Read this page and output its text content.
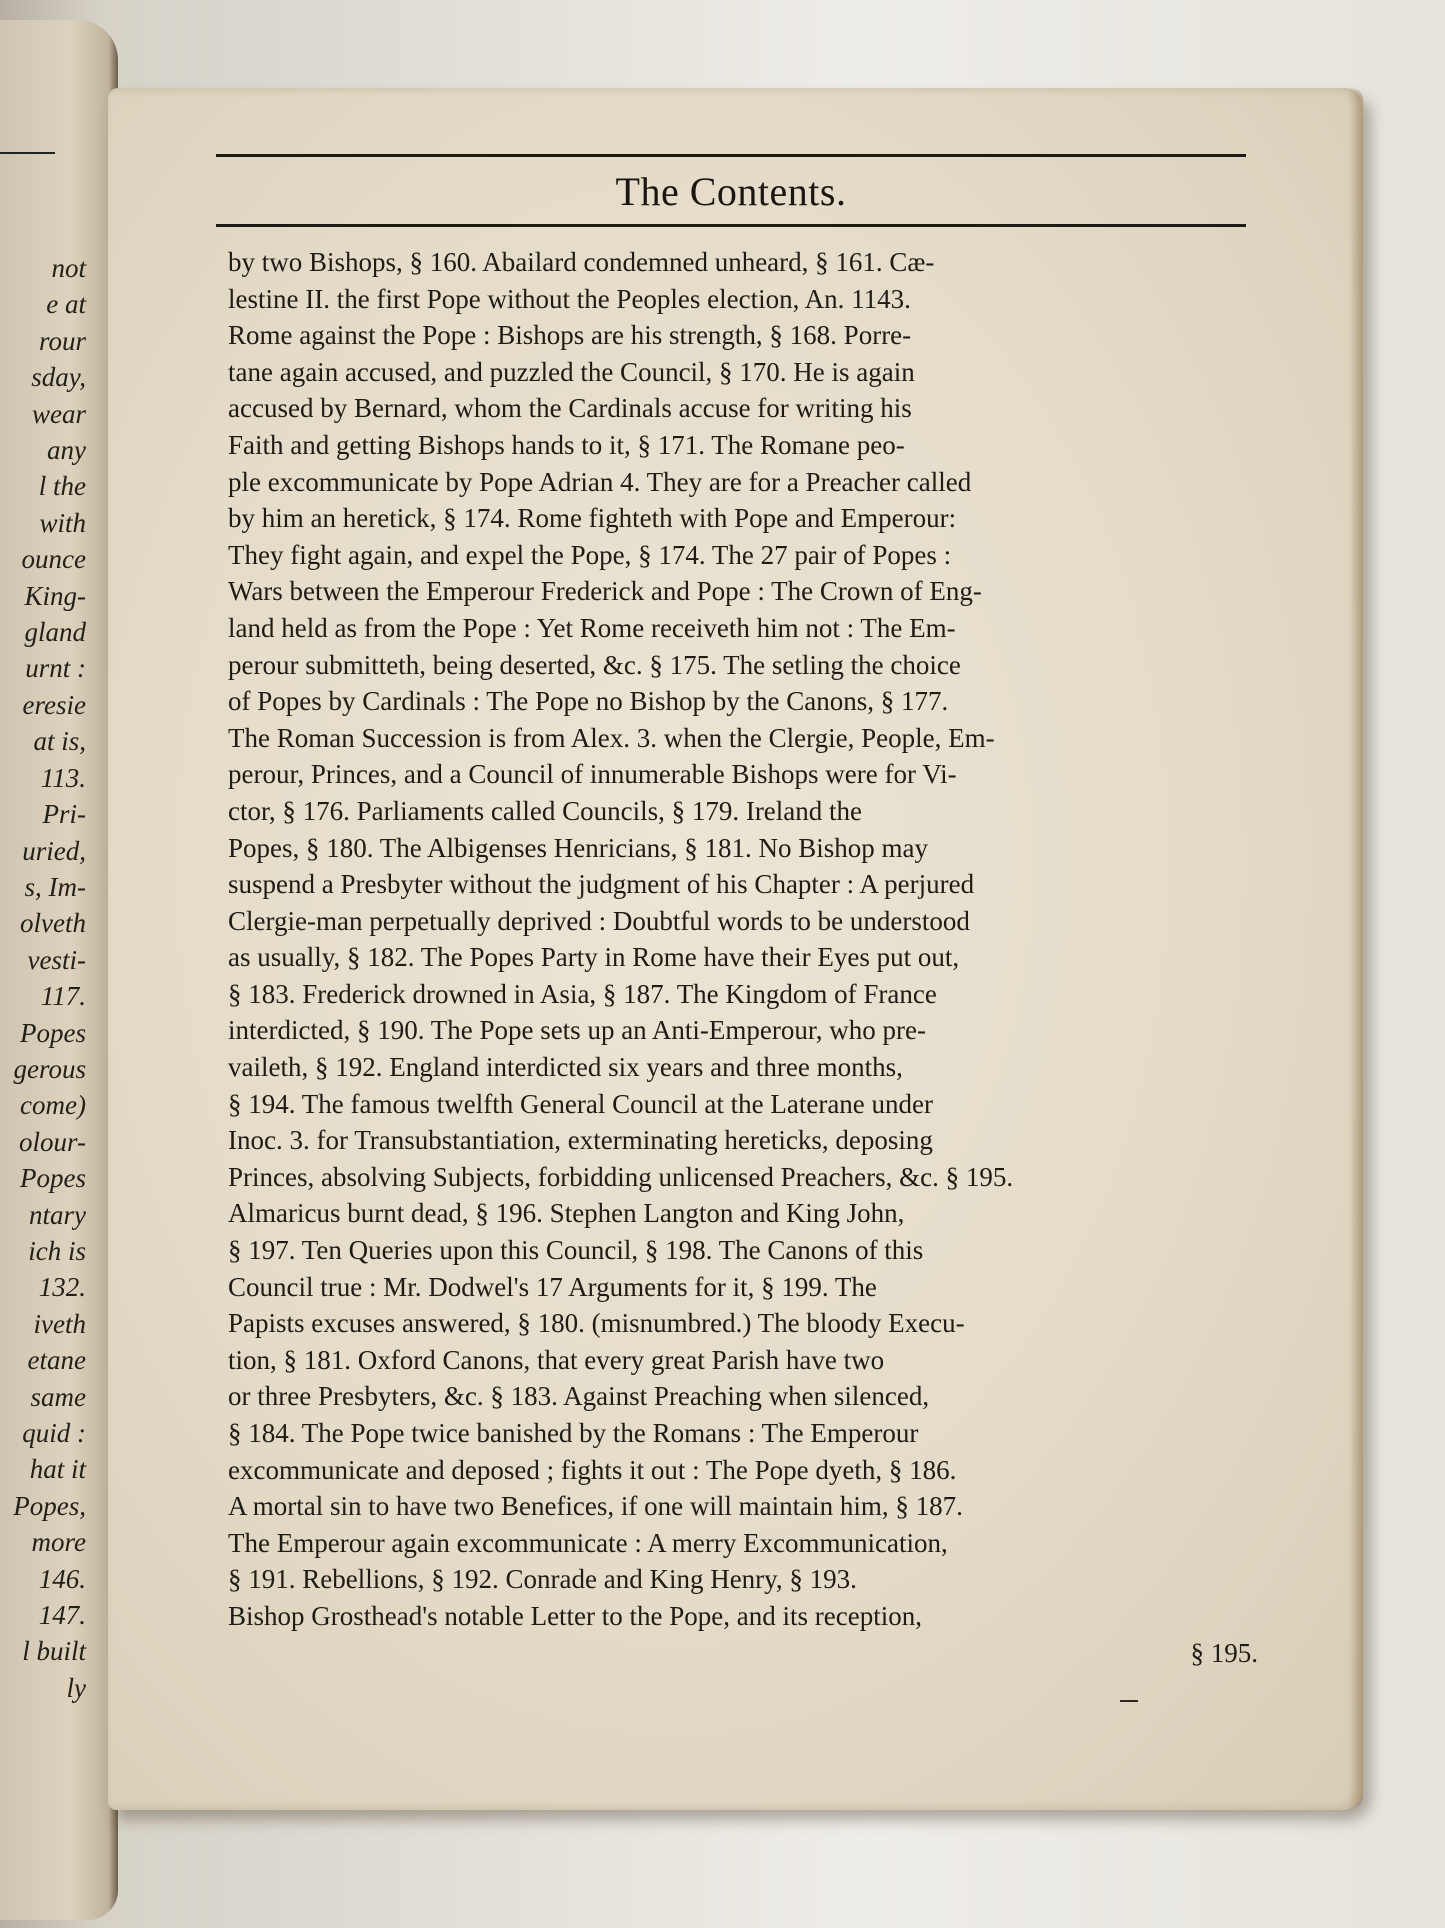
not
e at
rour
sday,
wear
any
l the
with
ounce
King-
gland
urnt :
eresie
at is,
113.
Pri-
uried,
s, Im-
olveth
vesti-
117.
Popes
gerous
come)
olour-
Popes
ntary
ich is
132.
iveth
etane
same
quid :
hat it
Popes,
more
146.
147.
l built
ly
The Contents.
by two Bishops, § 160. Abailard condemned unheard, § 161. Cæ-
lestine II. the first Pope without the Peoples election, An. 1143.
Rome against the Pope : Bishops are his strength, § 168. Porre-
tane again accused, and puzzled the Council, § 170. He is again
accused by Bernard, whom the Cardinals accuse for writing his
Faith and getting Bishops hands to it, § 171. The Romane peo-
ple excommunicate by Pope Adrian 4. They are for a Preacher called
by him an heretick, § 174. Rome fighteth with Pope and Emperour:
They fight again, and expel the Pope, § 174. The 27 pair of Popes :
Wars between the Emperour Frederick and Pope : The Crown of Eng-
land held as from the Pope : Yet Rome receiveth him not : The Em-
perour submitteth, being deserted, &c. § 175. The setling the choice
of Popes by Cardinals : The Pope no Bishop by the Canons, § 177.
The Roman Succession is from Alex. 3. when the Clergie, People, Em-
perour, Princes, and a Council of innumerable Bishops were for Vi-
ctor, § 176. Parliaments called Councils, § 179. Ireland the
Popes, § 180. The Albigenses Henricians, § 181. No Bishop may
suspend a Presbyter without the judgment of his Chapter : A perjured
Clergie-man perpetually deprived : Doubtful words to be understood
as usually, § 182. The Popes Party in Rome have their Eyes put out,
§ 183. Frederick drowned in Asia, § 187. The Kingdom of France
interdicted, § 190. The Pope sets up an Anti-Emperour, who pre-
vaileth, § 192. England interdicted six years and three months,
§ 194. The famous twelfth General Council at the Laterane under
Inoc. 3. for Transubstantiation, exterminating hereticks, deposing
Princes, absolving Subjects, forbidding unlicensed Preachers, &c. § 195.
Almaricus burnt dead, § 196. Stephen Langton and King John,
§ 197. Ten Queries upon this Council, § 198. The Canons of this
Council true : Mr. Dodwel's 17 Arguments for it, § 199. The
Papists excuses answered, § 180. (misnumbred.) The bloody Execu-
tion, § 181. Oxford Canons, that every great Parish have two
or three Presbyters, &c. § 183. Against Preaching when silenced,
§ 184. The Pope twice banished by the Romans : The Emperour
excommunicate and deposed ; fights it out : The Pope dyeth, § 186.
A mortal sin to have two Benefices, if one will maintain him, § 187.
The Emperour again excommunicate : A merry Excommunication,
§ 191. Rebellions, § 192. Conrade and King Henry, § 193.
Bishop Grosthead's notable Letter to the Pope, and its reception,
§ 195.
